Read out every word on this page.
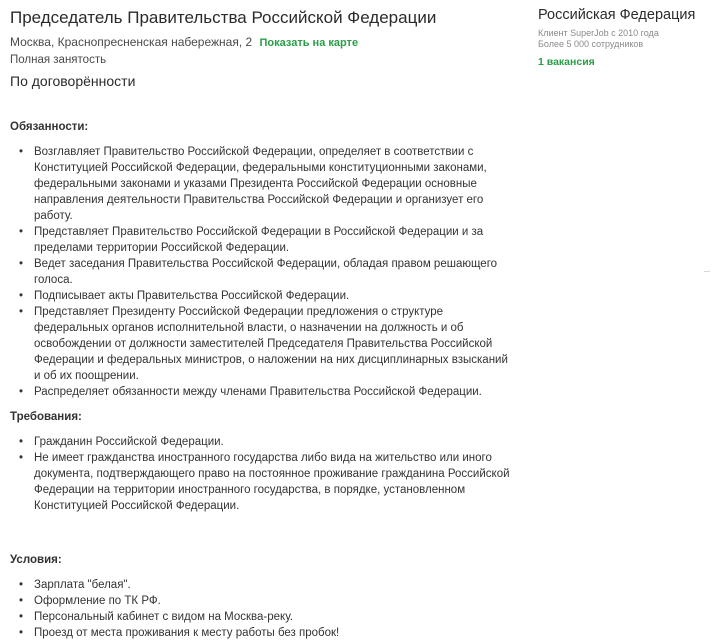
Председатель Правительства Российской Федерации
Москва, Краснопресненская набережная, 2 Показать на карте
Полная занятость
По договорённости
Обязанности:
• Возглавляет Правительство Российской Федерации, определяет в соответствии с Конституцией Российской Федерации, федеральными конституционными законами, федеральными законами и указами Президента Российской Федерации основные направления деятельности Правительства Российской Федерации и организует его работу.
• Представляет Правительство Российской Федерации в Российской Федерации и за пределами территории Российской Федерации.
• Ведет заседания Правительства Российской Федерации, обладая правом решающего голоса.
• Подписывает акты Правительства Российской Федерации.
• Представляет Президенту Российской Федерации предложения о структуре федеральных органов исполнительной власти, о назначении на должность и об освобождении от должности заместителей Председателя Правительства Российской Федерации и федеральных министров, о наложении на них дисциплинарных взысканий и об их поощрении.
• Распределяет обязанности между членами Правительства Российской Федерации.
Требования:
• Гражданин Российской Федерации.
• Не имеет гражданства иностранного государства либо вида на жительство или иного документа, подтверждающего право на постоянное проживание гражданина Российской Федерации на территории иностранного государства, в порядке, установленном Конституцией Российской Федерации.
Условия:
• Зарплата "белая".
• Оформление по ТК РФ.
• Персональный кабинет с видом на Москва-реку.
• Проезд от места проживания к месту работы без пробок!
Российская Федерация
Клиент SuperJob с 2010 года
Более 5 000 сотрудников
1 вакансия
